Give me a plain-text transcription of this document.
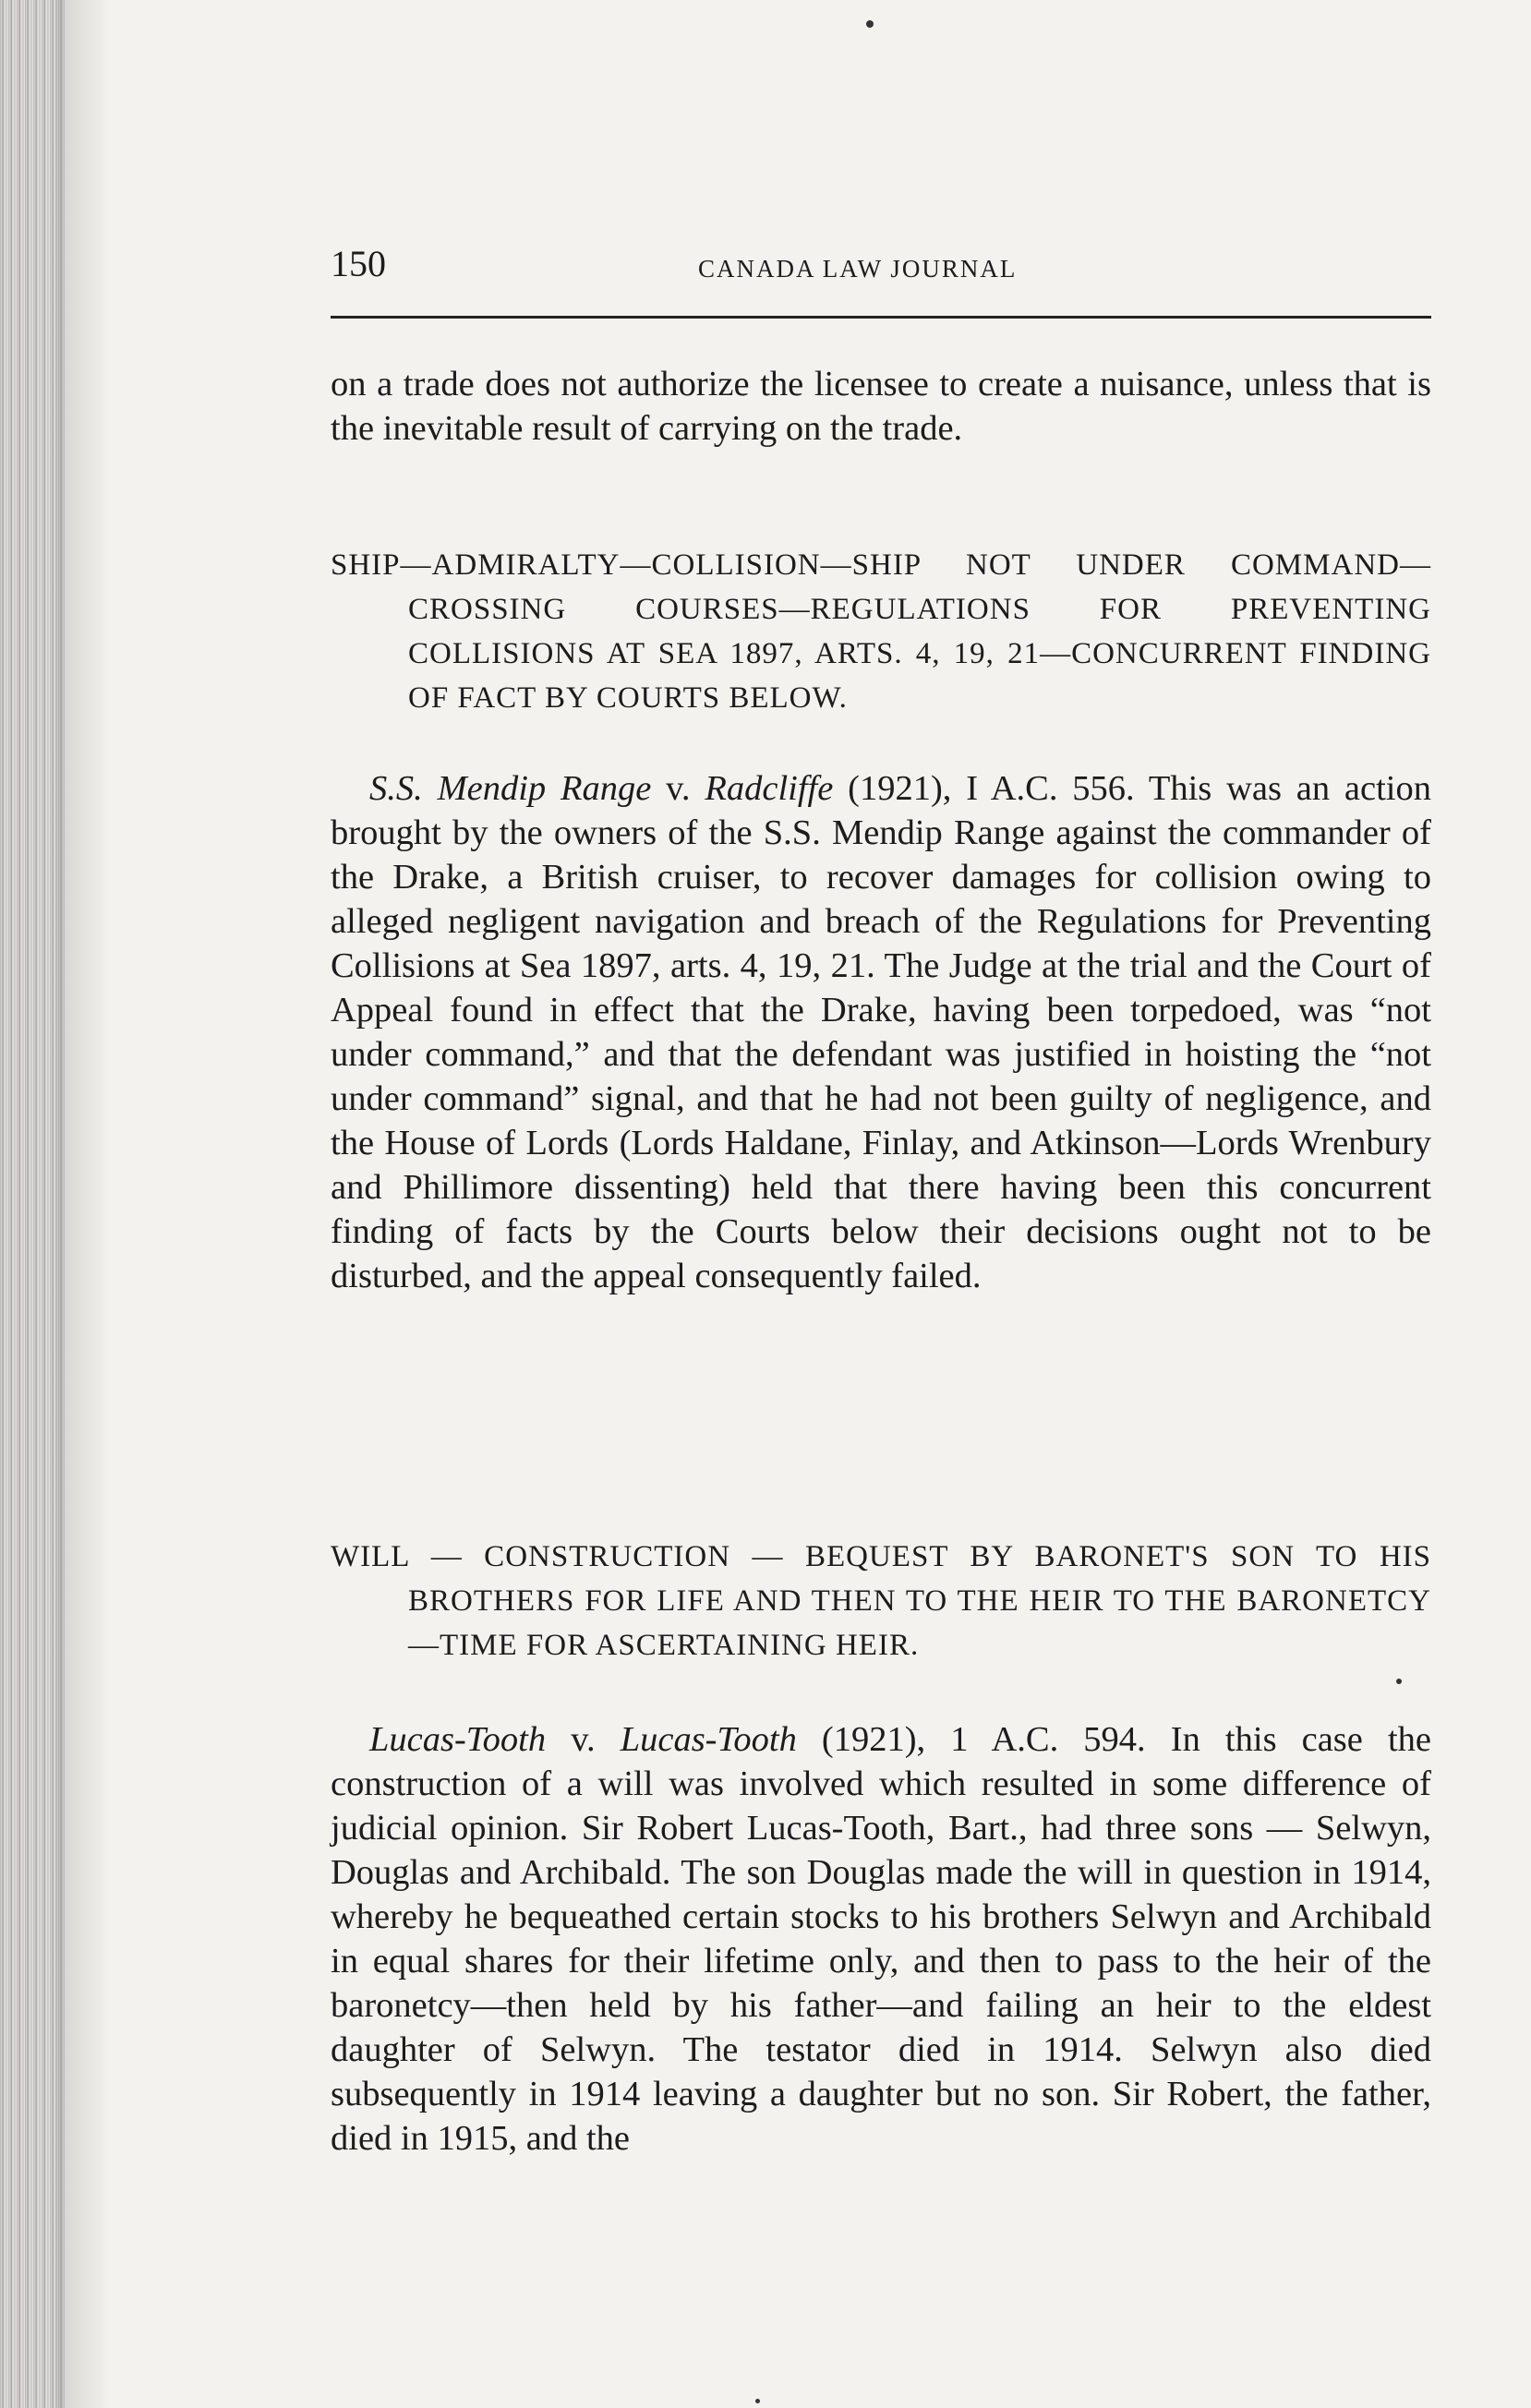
150	CANADA LAW JOURNAL

on a trade does not authorize the licensee to create a nuisance, unless that is the inevitable result of carrying on the trade.

SHIP—ADMIRALTY—COLLISION—SHIP NOT UNDER COMMAND—CROSSING COURSES—REGULATIONS FOR PREVENTING COLLISIONS AT SEA 1897, ARTS. 4, 19, 21—CONCURRENT FINDING OF FACT BY COURTS BELOW.

S.S. Mendip Range v. Radcliffe (1921), I A.C. 556. This was an action brought by the owners of the S.S. Mendip Range against the commander of the Drake, a British cruiser, to recover damages for collision owing to alleged negligent navigation and breach of the Regulations for Preventing Collisions at Sea 1897, arts. 4, 19, 21. The Judge at the trial and the Court of Appeal found in effect that the Drake, having been torpedoed, was “not under command,” and that the defendant was justified in hoisting the “not under command” signal, and that he had not been guilty of negligence, and the House of Lords (Lords Haldane, Finlay, and Atkinson—Lords Wrenbury and Phillimore dissenting) held that there having been this concurrent finding of facts by the Courts below their decisions ought not to be disturbed, and the appeal consequently failed.

WILL — CONSTRUCTION — BEQUEST BY BARONET'S SON TO HIS BROTHERS FOR LIFE AND THEN TO THE HEIR TO THE BARONETCY —TIME FOR ASCERTAINING HEIR.

Lucas-Tooth v. Lucas-Tooth (1921), 1 A.C. 594. In this case the construction of a will was involved which resulted in some difference of judicial opinion. Sir Robert Lucas-Tooth, Bart., had three sons — Selwyn, Douglas and Archibald. The son Douglas made the will in question in 1914, whereby he bequeathed certain stocks to his brothers Selwyn and Archibald in equal shares for their lifetime only, and then to pass to the heir of the baronetcy—then held by his father—and failing an heir to the eldest daughter of Selwyn. The testator died in 1914. Selwyn also died subsequently in 1914 leaving a daughter but no son. Sir Robert, the father, died in 1915, and the
